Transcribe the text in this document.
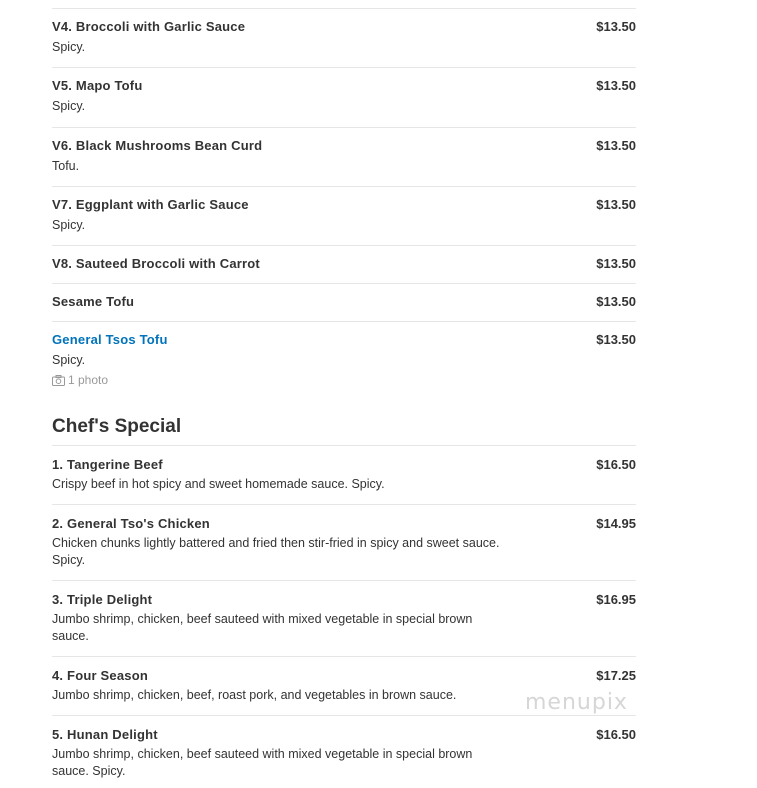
V4. Broccoli with Garlic Sauce	$13.50
Spicy.
V5. Mapo Tofu	$13.50
Spicy.
V6. Black Mushrooms Bean Curd	$13.50
Tofu.
V7. Eggplant with Garlic Sauce	$13.50
Spicy.
V8. Sauteed Broccoli with Carrot	$13.50
Sesame Tofu	$13.50
General Tsos Tofu	$13.50
Spicy.
1 photo
Chef's Special
1. Tangerine Beef	$16.50
Crispy beef in hot spicy and sweet homemade sauce. Spicy.
2. General Tso's Chicken	$14.95
Chicken chunks lightly battered and fried then stir-fried in spicy and sweet sauce. Spicy.
3. Triple Delight	$16.95
Jumbo shrimp, chicken, beef sauteed with mixed vegetable in special brown sauce.
4. Four Season	$17.25
Jumbo shrimp, chicken, beef, roast pork, and vegetables in brown sauce.
5. Hunan Delight	$16.50
Jumbo shrimp, chicken, beef sauteed with mixed vegetable in special brown sauce. Spicy.
menupix
